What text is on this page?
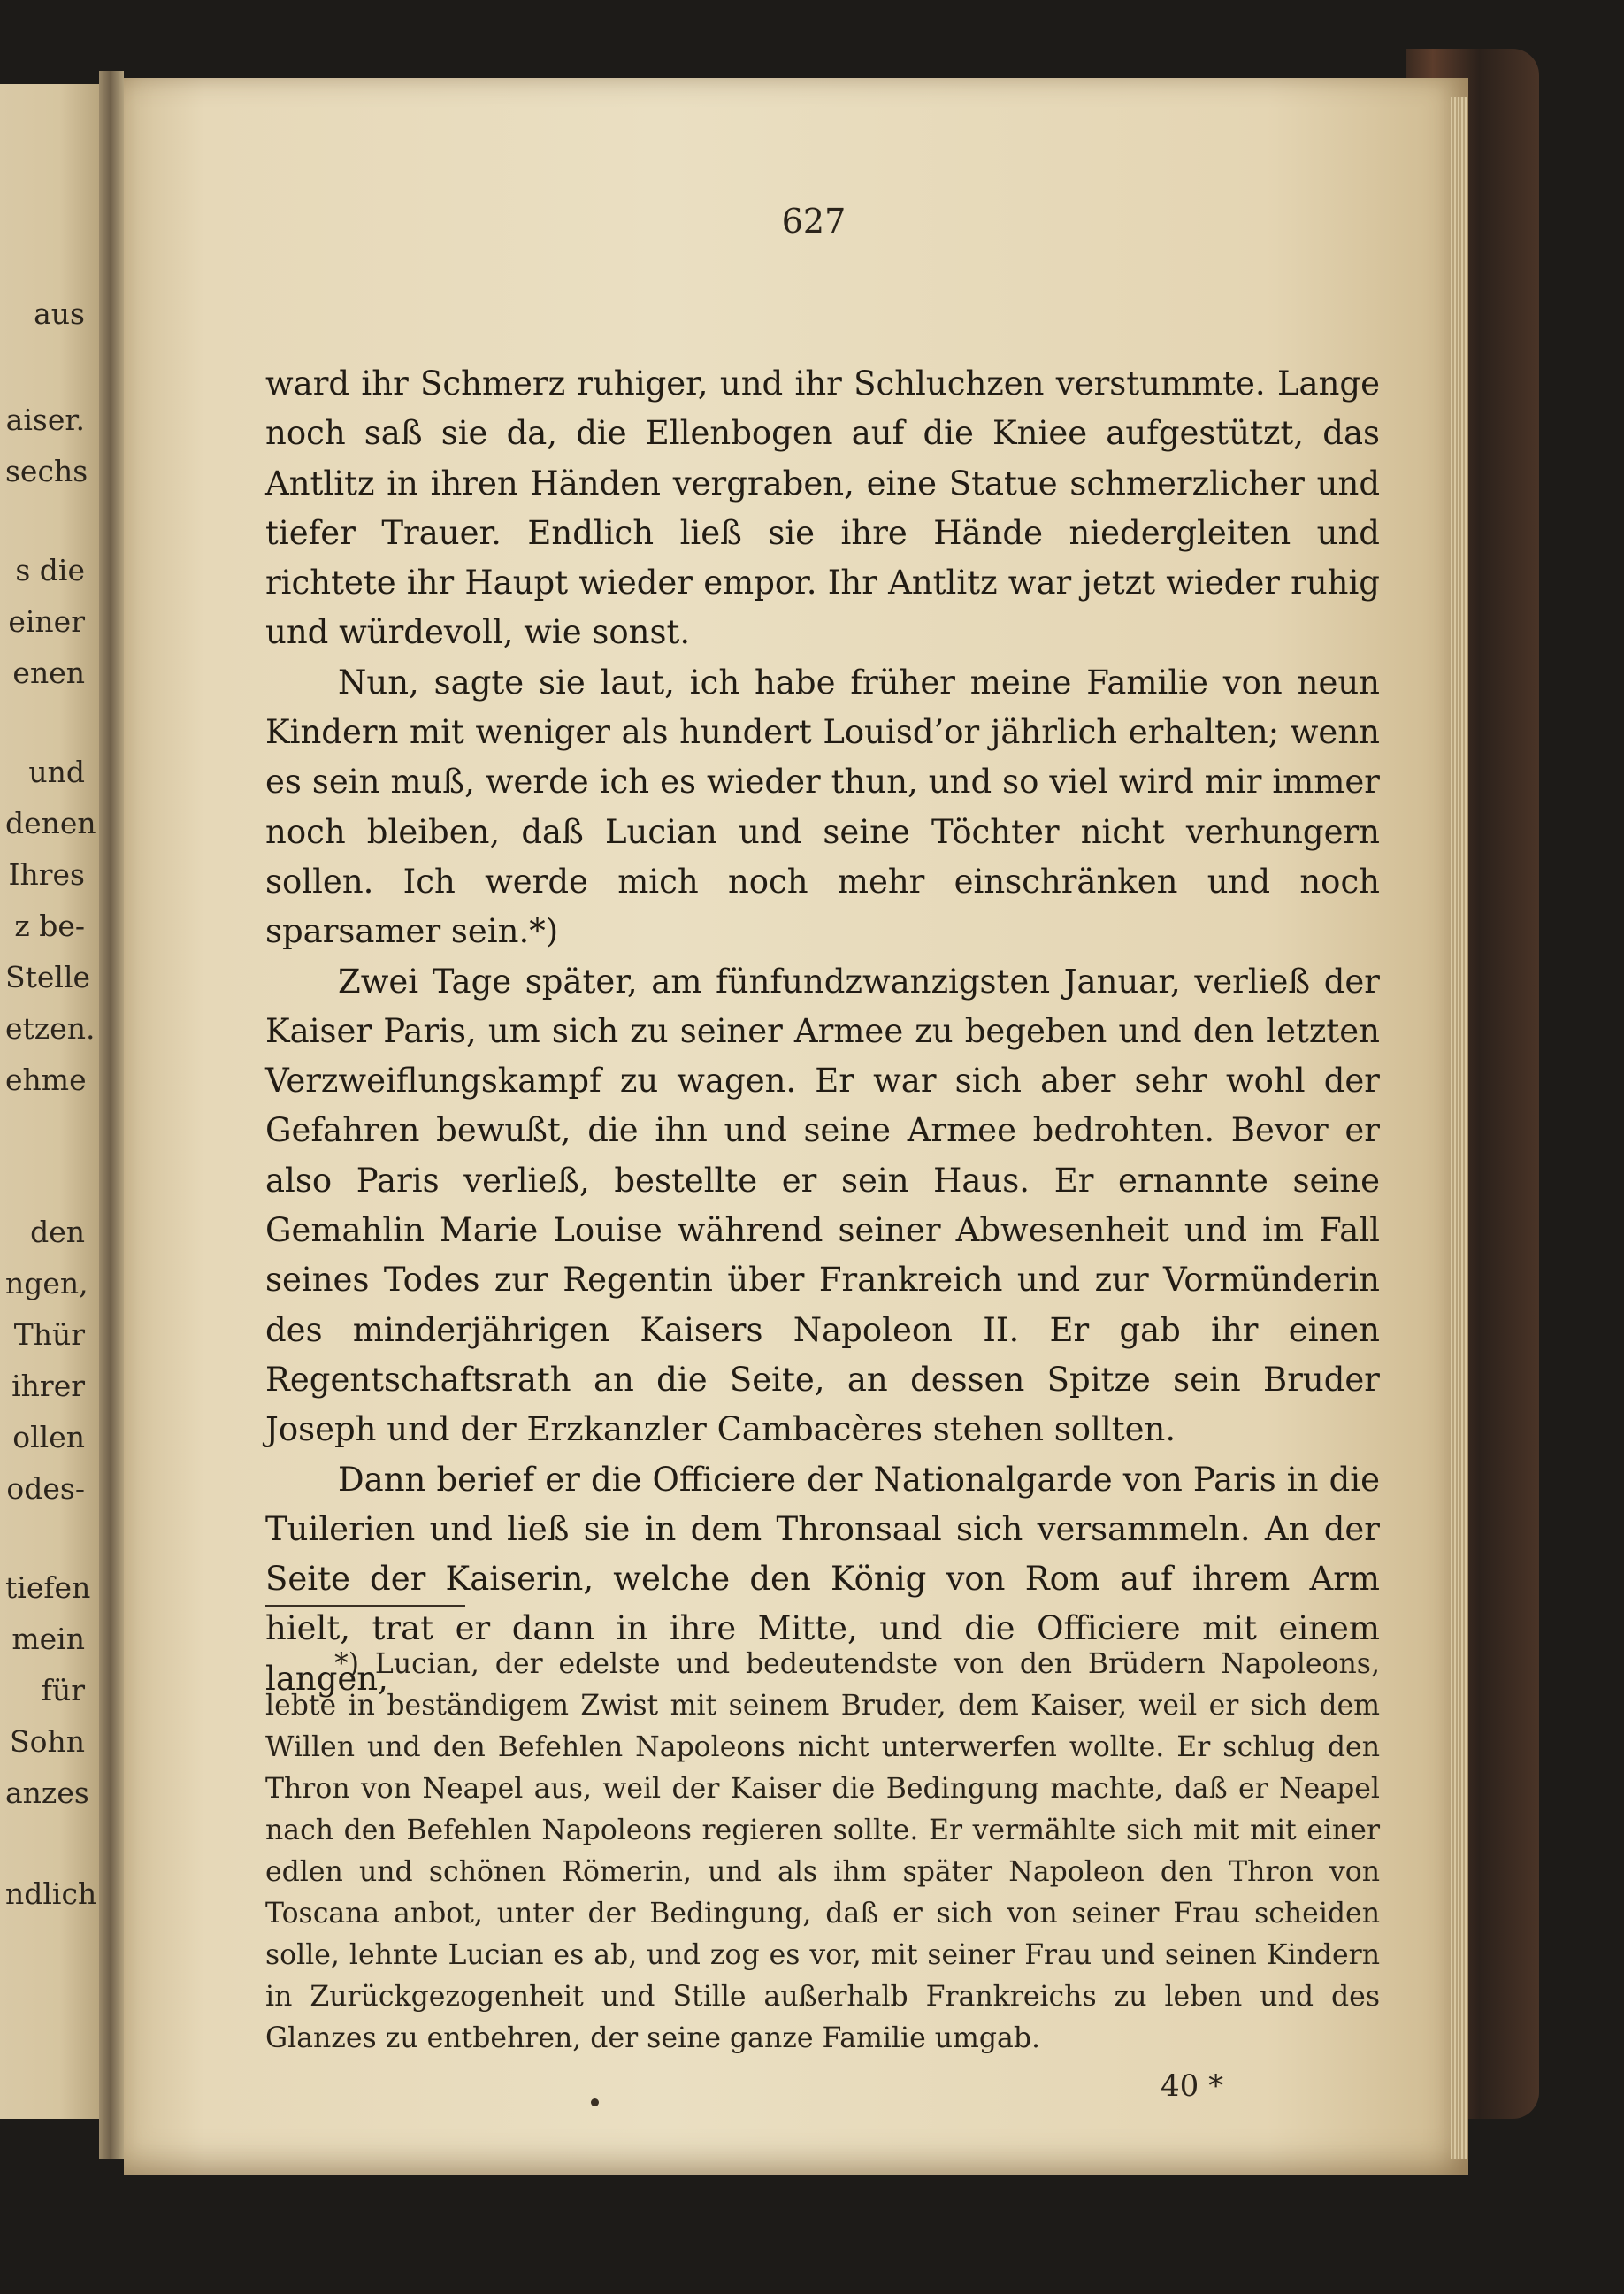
aus
aiser.
sechs
s die
einer
enen
und
denen
Ihres
z be-
Stelle
etzen.
ehme
den
ngen,
Thür
ihrer
ollen
odes-
tiefen
mein
für
Sohn
anzes
ndlich
627

ward ihr Schmerz ruhiger, und ihr Schluchzen verstummte. Lange noch saß sie da, die Ellenbogen auf die Kniee aufgestützt, das Antlitz in ihren Händen vergraben, eine Statue schmerzlicher und tiefer Trauer. Endlich ließ sie ihre Hände niedergleiten und richtete ihr Haupt wieder empor. Ihr Antlitz war jetzt wieder ruhig und würdevoll, wie sonst.

Nun, sagte sie laut, ich habe früher meine Familie von neun Kindern mit weniger als hundert Louisd’or jährlich erhalten; wenn es sein muß, werde ich es wieder thun, und so viel wird mir immer noch bleiben, daß Lucian und seine Töchter nicht verhungern sollen. Ich werde mich noch mehr einschränken und noch sparsamer sein.*)

Zwei Tage später, am fünfundzwanzigsten Januar, verließ der Kaiser Paris, um sich zu seiner Armee zu begeben und den letzten Verzweiflungskampf zu wagen. Er war sich aber sehr wohl der Gefahren bewußt, die ihn und seine Armee bedrohten. Bevor er also Paris verließ, bestellte er sein Haus. Er ernannte seine Gemahlin Marie Louise während seiner Abwesenheit und im Fall seines Todes zur Regentin über Frankreich und zur Vormünderin des minderjährigen Kaisers Napoleon II. Er gab ihr einen Regentschaftsrath an die Seite, an dessen Spitze sein Bruder Joseph und der Erzkanzler Cambacères stehen sollten.

Dann berief er die Officiere der Nationalgarde von Paris in die Tuilerien und ließ sie in dem Thronsaal sich versammeln. An der Seite der Kaiserin, welche den König von Rom auf ihrem Arm hielt, trat er dann in ihre Mitte, und die Officiere mit einem langen,

*) Lucian, der edelste und bedeutendste von den Brüdern Napoleons, lebte in beständigem Zwist mit seinem Bruder, dem Kaiser, weil er sich dem Willen und den Befehlen Napoleons nicht unterwerfen wollte. Er schlug den Thron von Neapel aus, weil der Kaiser die Bedingung machte, daß er Neapel nach den Befehlen Napoleons regieren sollte. Er vermählte sich mit mit einer edlen und schönen Römerin, und als ihm später Napoleon den Thron von Toscana anbot, unter der Bedingung, daß er sich von seiner Frau scheiden solle, lehnte Lucian es ab, und zog es vor, mit seiner Frau und seinen Kindern in Zurückgezogenheit und Stille außerhalb Frankreichs zu leben und des Glanzes zu entbehren, der seine ganze Familie umgab.

40 *
